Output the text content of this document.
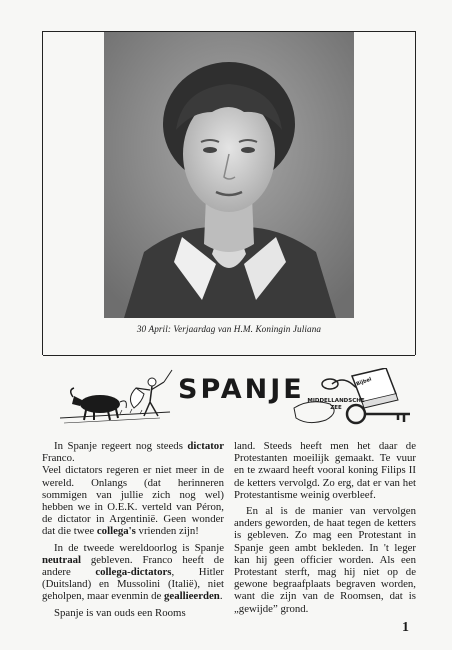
30 April: Verjaardag van H.M. Koningin Juliana
SPANJE MIDDELLANDSCHE
ZEE
Bijbel

In Spanje regeert nog steeds dictator Franco.

Veel dictators regeren er niet meer in de wereld. Onlangs (dat herinneren sommigen van jullie zich nog wel) hebben we in O.E.K. verteld van Péron, de dictator in Argentinië. Geen wonder dat die twee collega's vrienden zijn!

In de tweede wereldoorlog is Spanje neutraal gebleven. Franco heeft de andere collega-dictators, Hitler (Duitsland) en Mussolini (Italië), niet geholpen, maar evenmin de geallieerden.

Spanje is van ouds een Rooms

land. Steeds heeft men het daar de Protestanten moeilijk gemaakt. Te vuur en te zwaard heeft vooral koning Filips II de ketters vervolgd. Zo erg, dat er van het Protestantisme weinig overbleef.

En al is de manier van vervolgen anders geworden, de haat tegen de ketters is gebleven. Zo mag een Protestant in Spanje geen ambt bekleden. In 't leger kan hij geen officier worden. Als een Protestant sterft, mag hij niet op de gewone begraafplaats begraven worden, want die zijn van de Roomsen, dat is „gewijde” grond.

1
